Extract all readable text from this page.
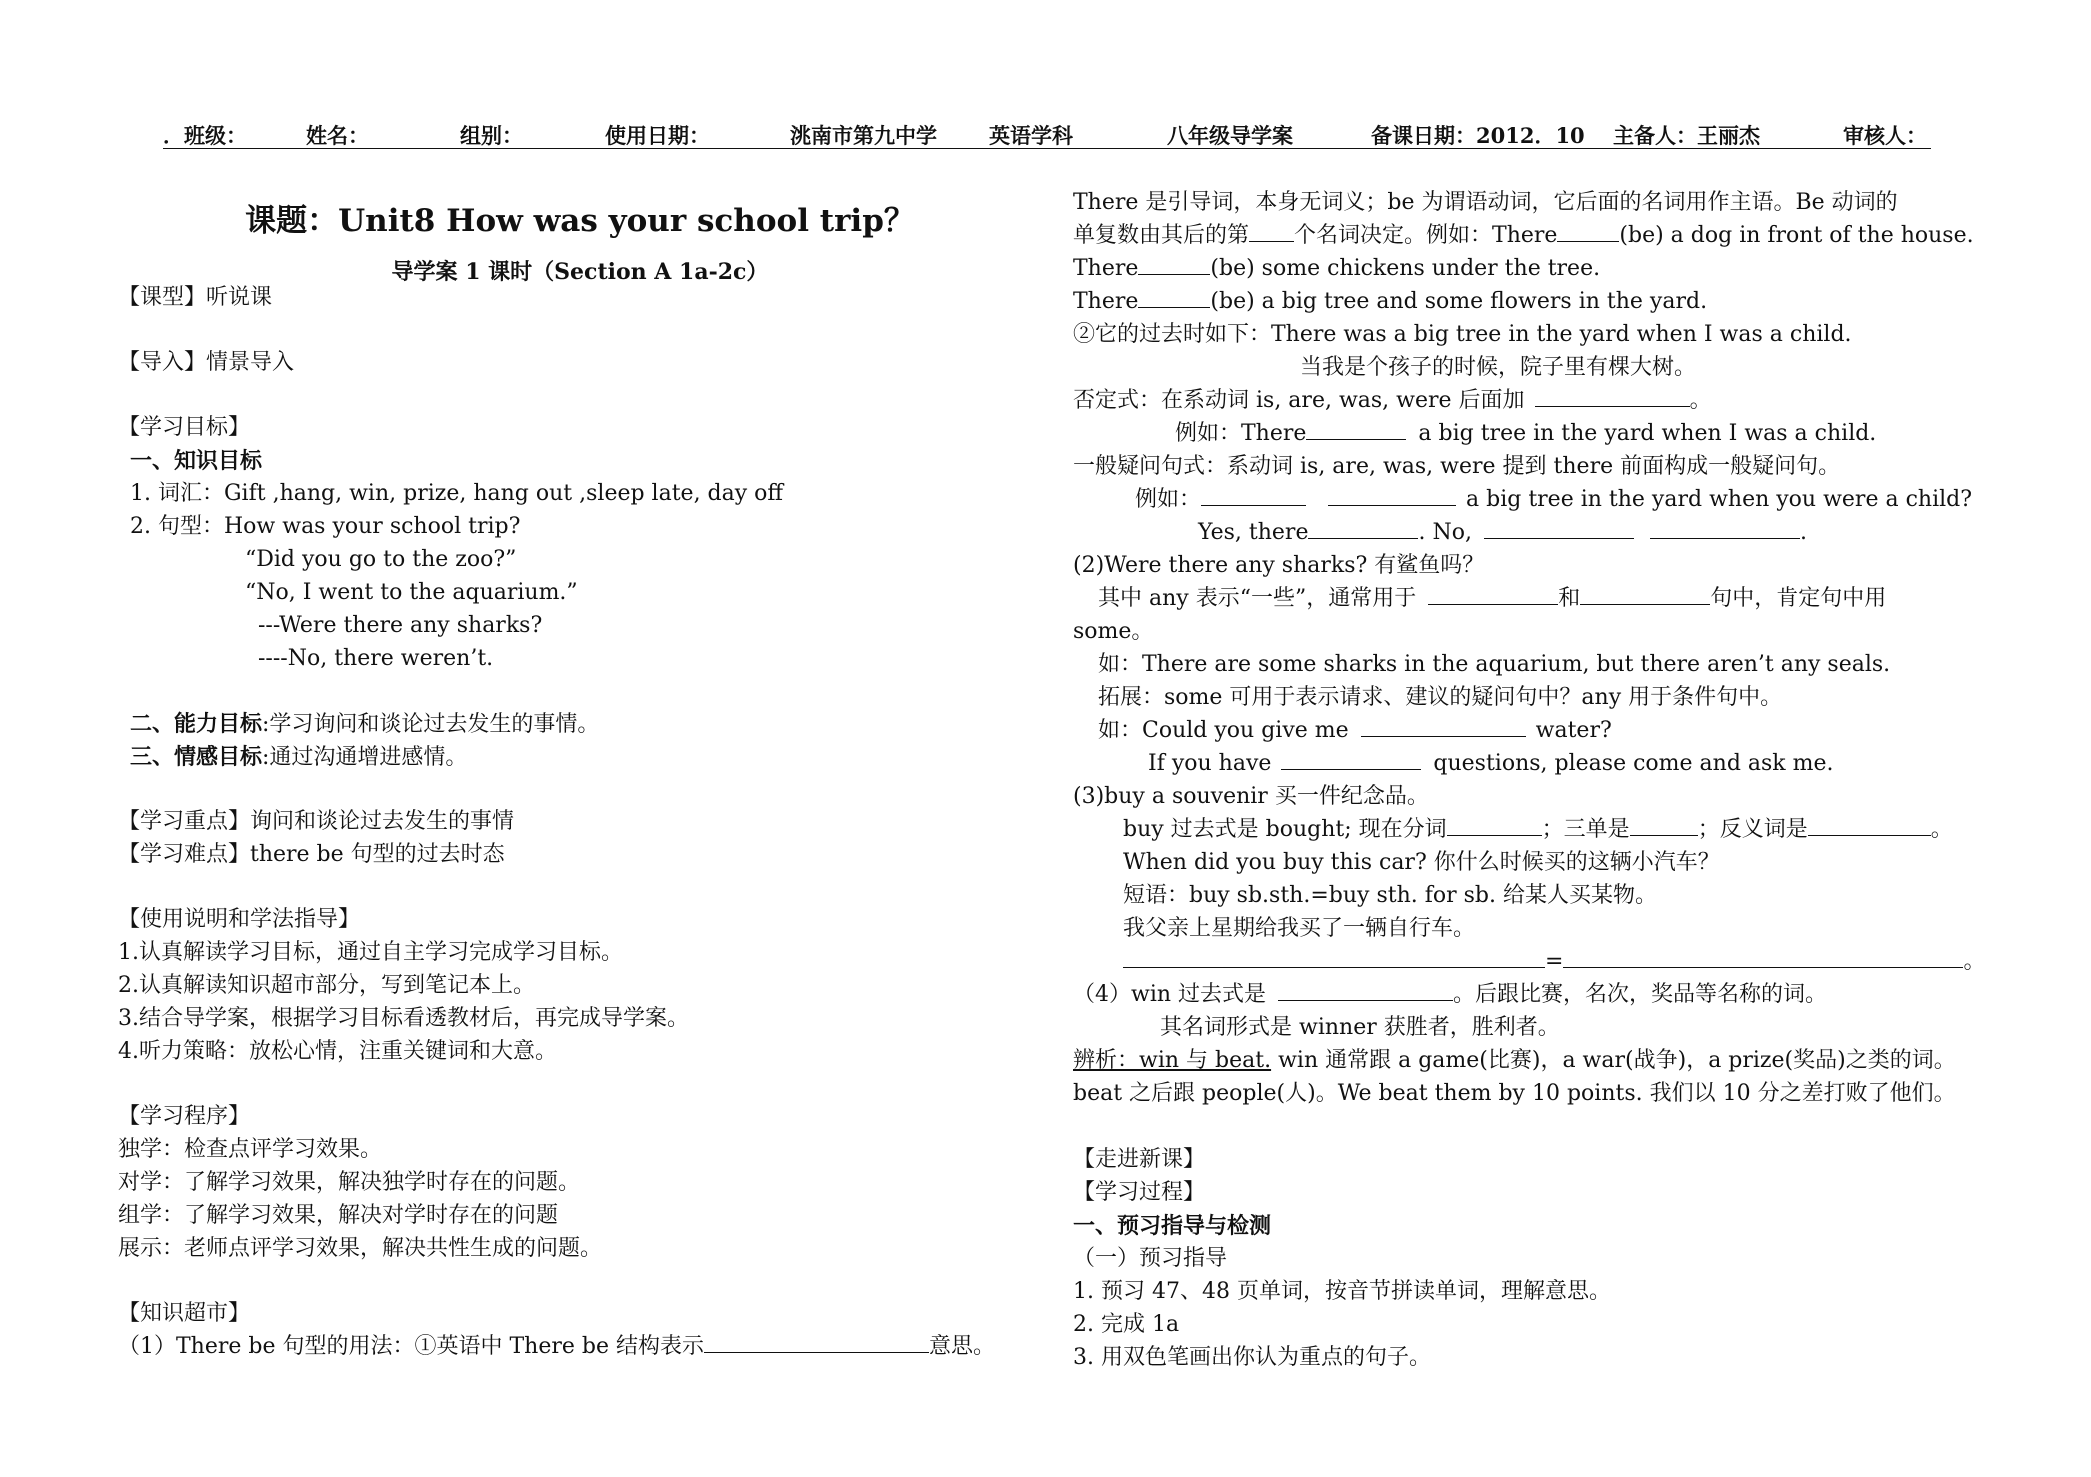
．班级：	姓名：	组别：	使用日期：	洮南市第九中学 英语学科	八年级导学案	备课日期：2012．10 主备人：王丽杰	审核人：
课题：Unit8 How was your school trip？
导学案 1 课时（Section A 1a-2c）
【课型】听说课
【导入】情景导入
【学习目标】
一、知识目标
1. 词汇：Gift ,hang, win, prize, hang out ,sleep late, day off
2. 句型：How was your school trip?
“Did you go to the zoo?”
“No, I went to the aquarium.”
---Were there any sharks?
----No, there weren’t.
二、能力目标:学习询问和谈论过去发生的事情。
三、情感目标:通过沟通增进感情。
【学习重点】询问和谈论过去发生的事情
【学习难点】there be 句型的过去时态
【使用说明和学法指导】
1.认真解读学习目标，通过自主学习完成学习目标。
2.认真解读知识超市部分，写到笔记本上。
3.结合导学案，根据学习目标看透教材后，再完成导学案。
4.听力策略：放松心情，注重关键词和大意。
【学习程序】
独学：检查点评学习效果。
对学：了解学习效果，解决独学时存在的问题。
组学：了解学习效果，解决对学时存在的问题
展示：老师点评学习效果，解决共性生成的问题。
【知识超市】
（1）There be 句型的用法：①英语中 There be 结构表示	意思。
There 是引导词，本身无词义；be 为谓语动词，它后面的名词用作主语。Be 动词的
单复数由其后的第 个名词决定。例如：There	(be) a dog in front of the house.
There	(be) some chickens under the tree.
There	(be) a big tree and some flowers in the yard.
②它的过去时如下：There was a big tree in the yard when I was a child.
当我是个孩子的时候，院子里有棵大树。
否定式：在系动词 is, are, was, were 后面加	。
例如：There	a big tree in the yard when I was a child.
一般疑问句式：系动词 is, are, was, were 提到 there 前面构成一般疑问句。
例如：	a big tree in the yard when you were a child?
Yes, there	. No,	.
(2)Were there any sharks? 有鲨鱼吗？
其中 any 表示“一些”，通常用于	和	句中，肯定句中用
some。
如：There are some sharks in the aquarium, but there aren’t any seals.
拓展：some 可用于表示请求、建议的疑问句中？any 用于条件句中。
如：Could you give me	water?
If you have	questions, please come and ask me.
(3)buy a souvenir 买一件纪念品。
buy 过去式是 bought; 现在分词	；三单是	；反义词是	。
When did you buy this car? 你什么时候买的这辆小汽车？
短语：buy sb.sth.=buy sth. for sb. 给某人买某物。
我父亲上星期给我买了一辆自行车。
=	。
（4）win 过去式是	。后跟比赛，名次，奖品等名称的词。
其名词形式是 winner 获胜者，胜利者。
辨析：win 与 beat. win 通常跟 a game(比赛)，a war(战争)，a prize(奖品)之类的词。
beat 之后跟 people(人)。We beat them by 10 points. 我们以 10 分之差打败了他们。
【走进新课】
【学习过程】
一、预习指导与检测
（一）预习指导
1. 预习 47、48 页单词，按音节拼读单词，理解意思。
2. 完成 1a
3. 用双色笔画出你认为重点的句子。
